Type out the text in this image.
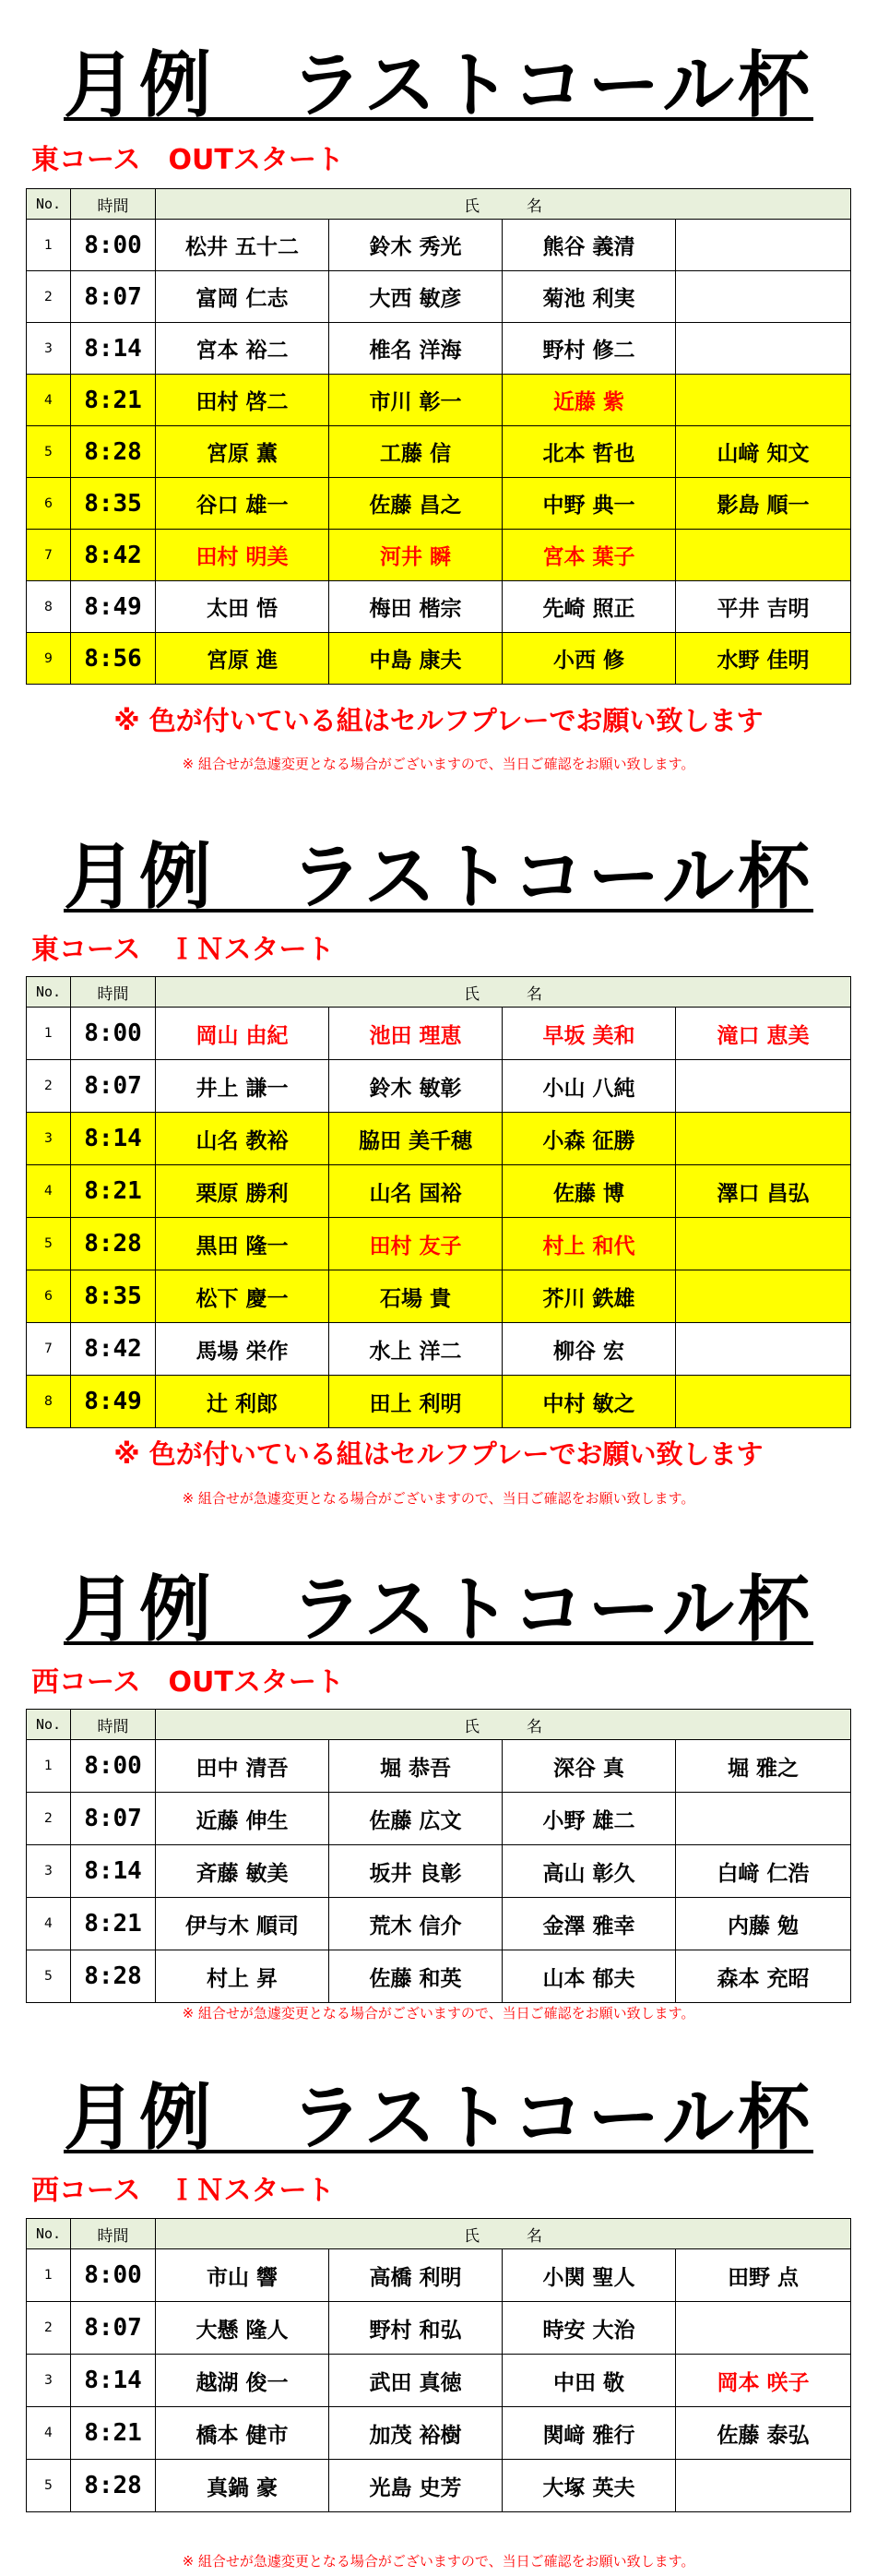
月例　ラストコール杯
東コース　OUTスタート
No.	時間	氏　　　名			
1	8:00	松井 五十二	鈴木 秀光	熊谷 義清	
2	8:07	富岡 仁志	大西 敏彦	菊池 利実	
3	8:14	宮本 裕二	椎名 洋海	野村 修二	
4	8:21	田村 啓二	市川 彰一	近藤 紫	
5	8:28	宮原 薫	工藤 信	北本 哲也	山﨑 知文
6	8:35	谷口 雄一	佐藤 昌之	中野 典一	影島 順一
7	8:42	田村 明美	河井 瞬	宮本 葉子	
8	8:49	太田 悟	梅田 楷宗	先崎 照正	平井 吉明
9	8:56	宮原 進	中島 康夫	小西 修	水野 佳明
※ 色が付いている組はセルフプレーでお願い致します
※ 組合せが急遽変更となる場合がございますので、当日ご確認をお願い致します。
月例　ラストコール杯
東コース　ＩＮスタート
No.	時間	氏　　　名			
1	8:00	岡山 由紀	池田 理恵	早坂 美和	滝口 恵美
2	8:07	井上 謙一	鈴木 敏彰	小山 八純	
3	8:14	山名 教裕	脇田 美千穂	小森 征勝	
4	8:21	栗原 勝利	山名 国裕	佐藤 博	澤口 昌弘
5	8:28	黒田 隆一	田村 友子	村上 和代	
6	8:35	松下 慶一	石場 貴	芥川 鉄雄	
7	8:42	馬場 栄作	水上 洋二	柳谷 宏	
8	8:49	辻 利郎	田上 利明	中村 敏之	
※ 色が付いている組はセルフプレーでお願い致します
※ 組合せが急遽変更となる場合がございますので、当日ご確認をお願い致します。
月例　ラストコール杯
西コース　OUTスタート
No.	時間	氏　　　名			
1	8:00	田中 清吾	堀 恭吾	深谷 真	堀 雅之
2	8:07	近藤 伸生	佐藤 広文	小野 雄二	
3	8:14	斉藤 敏美	坂井 良彰	高山 彰久	白﨑 仁浩
4	8:21	伊与木 順司	荒木 信介	金澤 雅幸	内藤 勉
5	8:28	村上 昇	佐藤 和英	山本 郁夫	森本 充昭
※ 組合せが急遽変更となる場合がございますので、当日ご確認をお願い致します。
月例　ラストコール杯
西コース　ＩＮスタート
No.	時間	氏　　　名			
1	8:00	市山 響	高橋 利明	小関 聖人	田野 点
2	8:07	大懸 隆人	野村 和弘	時安 大治	
3	8:14	越湖 俊一	武田 真徳	中田 敬	岡本 咲子
4	8:21	橋本 健市	加茂 裕樹	関﨑 雅行	佐藤 泰弘
5	8:28	真鍋 豪	光島 史芳	大塚 英夫	
※ 組合せが急遽変更となる場合がございますので、当日ご確認をお願い致します。
